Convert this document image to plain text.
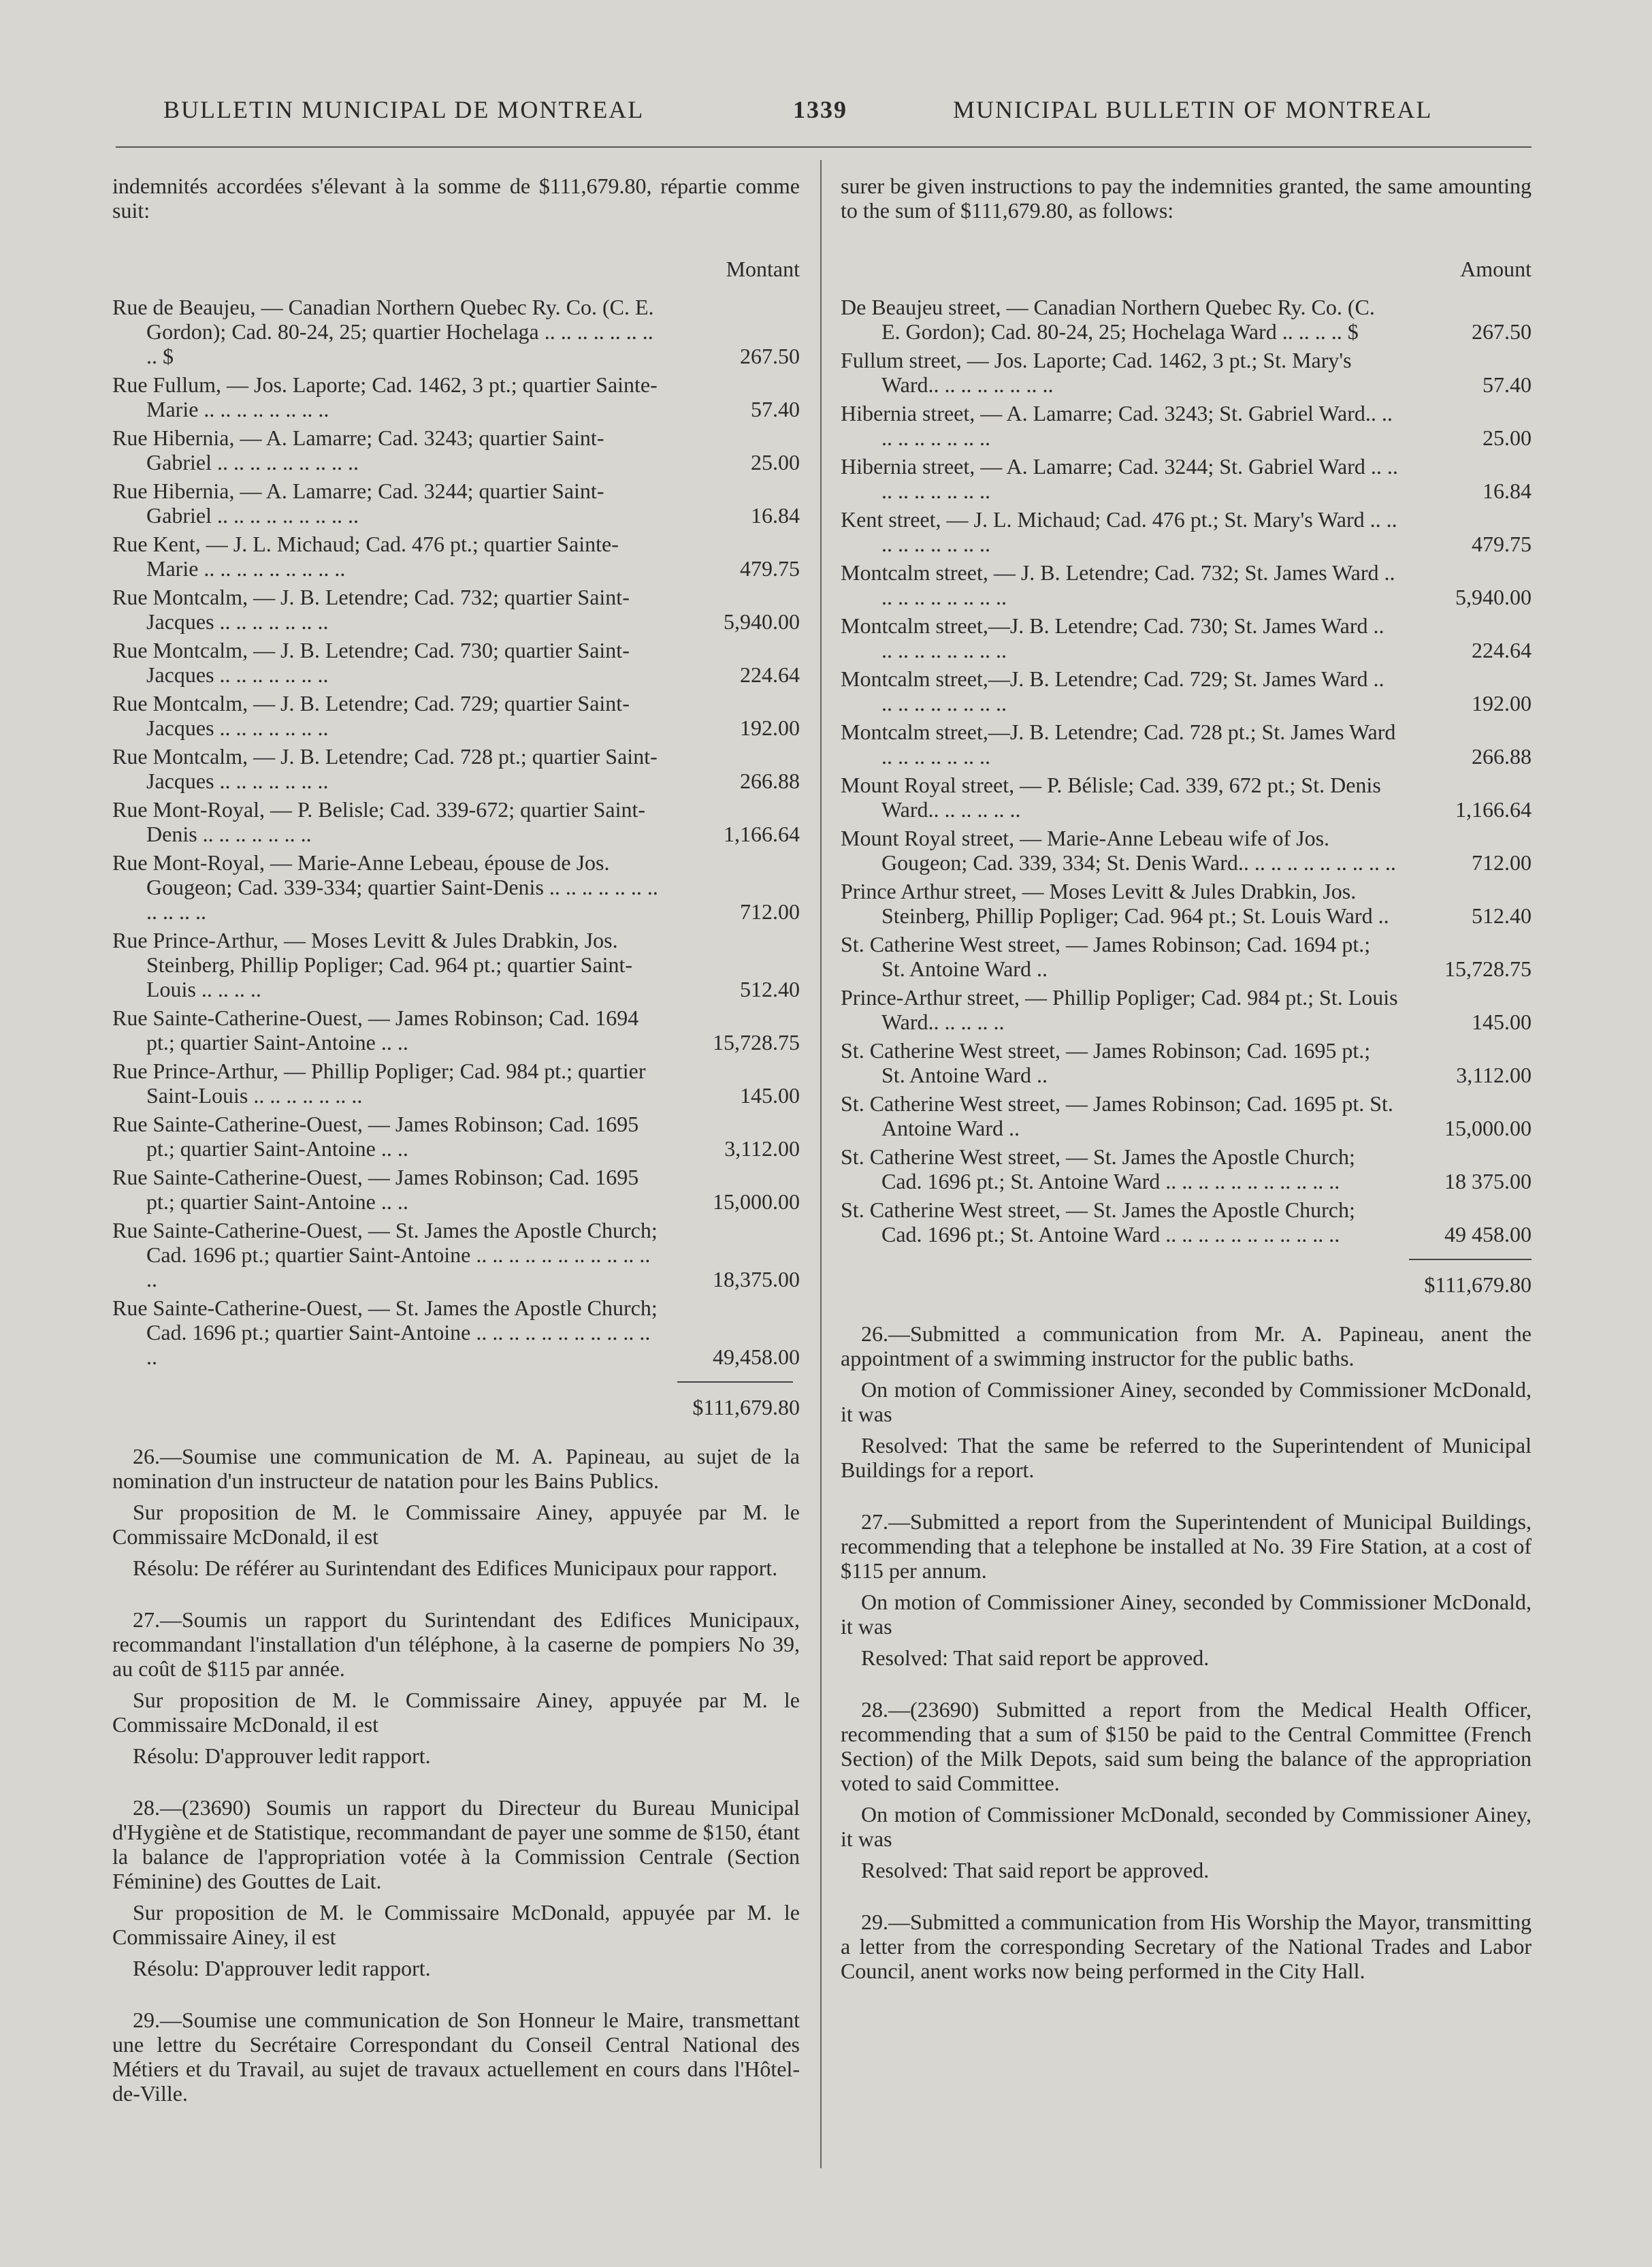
BULLETIN MUNICIPAL DE MONTREAL	1339	MUNICIPAL BULLETIN OF MONTREAL

indemnités accordées s'élevant à la somme de $111,679.80, répartie comme suit:

Montant
Rue de Beaujeu, — Canadian Northern Quebec Ry. Co. (C. E. Gordon); Cad. 80-24, 25; quartier Hochelaga .. .. .. .. .. .. .. .. $	267.50
Rue Fullum, — Jos. Laporte; Cad. 1462, 3 pt.; quartier Sainte-Marie .. .. .. .. .. .. .. ..	57.40
Rue Hibernia, — A. Lamarre; Cad. 3243; quartier Saint-Gabriel .. .. .. .. .. .. .. .. ..	25.00
Rue Hibernia, — A. Lamarre; Cad. 3244; quartier Saint-Gabriel .. .. .. .. .. .. .. .. ..	16.84
Rue Kent, — J. L. Michaud; Cad. 476 pt.; quartier Sainte-Marie .. .. .. .. .. .. .. .. ..	479.75
Rue Montcalm, — J. B. Letendre; Cad. 732; quartier Saint-Jacques .. .. .. .. .. .. ..	5,940.00
Rue Montcalm, — J. B. Letendre; Cad. 730; quartier Saint-Jacques .. .. .. .. .. .. ..	224.64
Rue Montcalm, — J. B. Letendre; Cad. 729; quartier Saint-Jacques .. .. .. .. .. .. ..	192.00
Rue Montcalm, — J. B. Letendre; Cad. 728 pt.; quartier Saint-Jacques .. .. .. .. .. .. ..	266.88
Rue Mont-Royal, — P. Belisle; Cad. 339-672; quartier Saint-Denis .. .. .. .. .. .. ..	1,166.64
Rue Mont-Royal, — Marie-Anne Lebeau, épouse de Jos. Gougeon; Cad. 339-334; quartier Saint-Denis .. .. .. .. .. .. .. .. .. .. ..	712.00
Rue Prince-Arthur, — Moses Levitt & Jules Drabkin, Jos. Steinberg, Phillip Popliger; Cad. 964 pt.; quartier Saint-Louis .. .. .. ..	512.40
Rue Sainte-Catherine-Ouest, — James Robinson; Cad. 1694 pt.; quartier Saint-Antoine .. ..	15,728.75
Rue Prince-Arthur, — Phillip Popliger; Cad. 984 pt.; quartier Saint-Louis .. .. .. .. .. .. ..	145.00
Rue Sainte-Catherine-Ouest, — James Robinson; Cad. 1695 pt.; quartier Saint-Antoine .. ..	3,112.00
Rue Sainte-Catherine-Ouest, — James Robinson; Cad. 1695 pt.; quartier Saint-Antoine .. ..	15,000.00
Rue Sainte-Catherine-Ouest, — St. James the Apostle Church; Cad. 1696 pt.; quartier Saint-Antoine .. .. .. .. .. .. .. .. .. .. .. ..	18,375.00
Rue Sainte-Catherine-Ouest, — St. James the Apostle Church; Cad. 1696 pt.; quartier Saint-Antoine .. .. .. .. .. .. .. .. .. .. .. ..	49,458.00
$111,679.80

26.—Soumise une communication de M. A. Papineau, au sujet de la nomination d'un instructeur de natation pour les Bains Publics.

Sur proposition de M. le Commissaire Ainey, appuyée par M. le Commissaire McDonald, il est

Résolu: De référer au Surintendant des Edifices Municipaux pour rapport.

27.—Soumis un rapport du Surintendant des Edifices Municipaux, recommandant l'installation d'un téléphone, à la caserne de pompiers No 39, au coût de $115 par année.

Sur proposition de M. le Commissaire Ainey, appuyée par M. le Commissaire McDonald, il est

Résolu: D'approuver ledit rapport.

28.—(23690) Soumis un rapport du Directeur du Bureau Municipal d'Hygiène et de Statistique, recommandant de payer une somme de $150, étant la balance de l'appropriation votée à la Commission Centrale (Section Féminine) des Gouttes de Lait.

Sur proposition de M. le Commissaire McDonald, appuyée par M. le Commissaire Ainey, il est

Résolu: D'approuver ledit rapport.

29.—Soumise une communication de Son Honneur le Maire, transmettant une lettre du Secrétaire Correspondant du Conseil Central National des Métiers et du Travail, au sujet de travaux actuellement en cours dans l'Hôtel-de-Ville.

surer be given instructions to pay the indemnities granted, the same amounting to the sum of $111,679.80, as follows:

Amount
De Beaujeu street, — Canadian Northern Quebec Ry. Co. (C. E. Gordon); Cad. 80-24, 25; Hochelaga Ward .. .. .. .. $	267.50
Fullum street, — Jos. Laporte; Cad. 1462, 3 pt.; St. Mary's Ward.. .. .. .. .. .. .. ..	57.40
Hibernia street, — A. Lamarre; Cad. 3243; St. Gabriel Ward.. .. .. .. .. .. .. .. ..	25.00
Hibernia street, — A. Lamarre; Cad. 3244; St. Gabriel Ward .. .. .. .. .. .. .. .. ..	16.84
Kent street, — J. L. Michaud; Cad. 476 pt.; St. Mary's Ward .. .. .. .. .. .. .. .. ..	479.75
Montcalm street, — J. B. Letendre; Cad. 732; St. James Ward .. .. .. .. .. .. .. .. ..	5,940.00
Montcalm street,—J. B. Letendre; Cad. 730; St. James Ward .. .. .. .. .. .. .. .. ..	224.64
Montcalm street,—J. B. Letendre; Cad. 729; St. James Ward .. .. .. .. .. .. .. .. ..	192.00
Montcalm street,—J. B. Letendre; Cad. 728 pt.; St. James Ward .. .. .. .. .. .. ..	266.88
Mount Royal street, — P. Bélisle; Cad. 339, 672 pt.; St. Denis Ward.. .. .. .. .. ..	1,166.64
Mount Royal street, — Marie-Anne Lebeau wife of Jos. Gougeon; Cad. 339, 334; St. Denis Ward.. .. .. .. .. .. .. .. .. ..	712.00
Prince Arthur street, — Moses Levitt & Jules Drabkin, Jos. Steinberg, Phillip Popliger; Cad. 964 pt.; St. Louis Ward ..	512.40
St. Catherine West street, — James Robinson; Cad. 1694 pt.; St. Antoine Ward ..	15,728.75
Prince-Arthur street, — Phillip Popliger; Cad. 984 pt.; St. Louis Ward.. .. .. .. ..	145.00
St. Catherine West street, — James Robinson; Cad. 1695 pt.; St. Antoine Ward ..	3,112.00
St. Catherine West street, — James Robinson; Cad. 1695 pt. St. Antoine Ward ..	15,000.00
St. Catherine West street, — St. James the Apostle Church; Cad. 1696 pt.; St. Antoine Ward .. .. .. .. .. .. .. .. .. .. ..	18 375.00
St. Catherine West street, — St. James the Apostle Church; Cad. 1696 pt.; St. Antoine Ward .. .. .. .. .. .. .. .. .. .. ..	49 458.00
$111,679.80

26.—Submitted a communication from Mr. A. Papineau, anent the appointment of a swimming instructor for the public baths.

On motion of Commissioner Ainey, seconded by Commissioner McDonald, it was

Resolved: That the same be referred to the Superintendent of Municipal Buildings for a report.

27.—Submitted a report from the Superintendent of Municipal Buildings, recommending that a telephone be installed at No. 39 Fire Station, at a cost of $115 per annum.

On motion of Commissioner Ainey, seconded by Commissioner McDonald, it was

Resolved: That said report be approved.

28.—(23690) Submitted a report from the Medical Health Officer, recommending that a sum of $150 be paid to the Central Committee (French Section) of the Milk Depots, said sum being the balance of the appropriation voted to said Committee.

On motion of Commissioner McDonald, seconded by Commissioner Ainey, it was

Resolved: That said report be approved.

29.—Submitted a communication from His Worship the Mayor, transmitting a letter from the corresponding Secretary of the National Trades and Labor Council, anent works now being performed in the City Hall.
